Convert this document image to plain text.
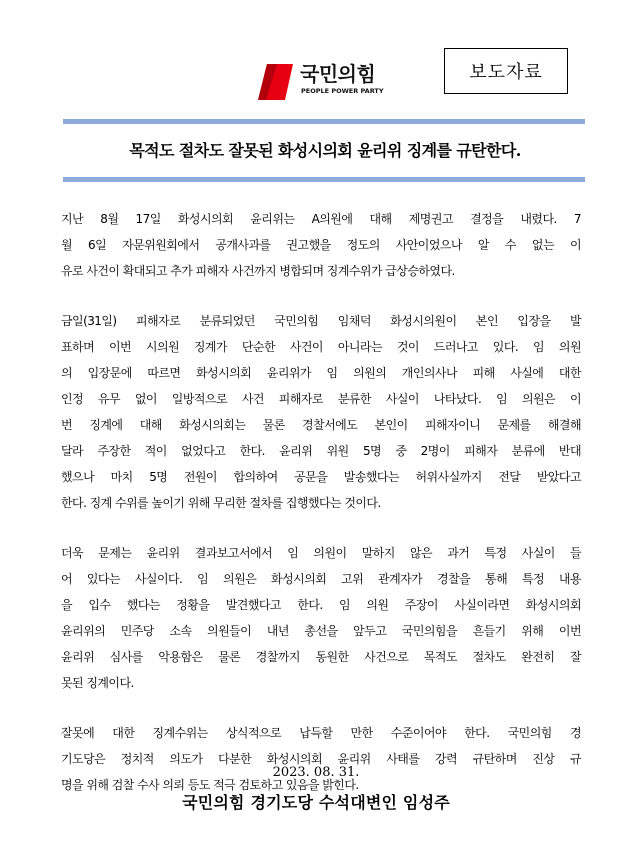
국민의힘
PEOPLE POWER PARTY
보도자료
목적도 절차도 잘못된 화성시의회 윤리위 징계를 규탄한다.
지난 8월 17일 화성시의회 윤리위는 A의원에 대해 제명권고 결정을 내렸다. 7
월 6일 자문위원회에서 공개사과를 권고했을 정도의 사안이었으나 알 수 없는 이
유로 사건이 확대되고 추가 피해자 사건까지 병합되며 징계수위가 급상승하였다.
금일(31일) 피해자로 분류되었던 국민의힘 임채덕 화성시의원이 본인 입장을 발
표하며 이번 시의원 징계가 단순한 사건이 아니라는 것이 드러나고 있다. 임 의원
의 입장문에 따르면 화성시의회 윤리위가 임 의원의 개인의사나 피해 사실에 대한
인정 유무 없이 일방적으로 사건 피해자로 분류한 사실이 나타났다. 임 의원은 이
번 징계에 대해 화성시의회는 물론 경찰서에도 본인이 피해자이니 문제를 해결해
달라 주장한 적이 없었다고 한다. 윤리위 위원 5명 중 2명이 피해자 분류에 반대
했으나 마치 5명 전원이 합의하여 공문을 발송했다는 허위사실까지 전달 받았다고
한다. 징계 수위를 높이기 위해 무리한 절차를 집행했다는 것이다.
더욱 문제는 윤리위 결과보고서에서 임 의원이 말하지 않은 과거 특정 사실이 들
어 있다는 사실이다. 임 의원은 화성시의회 고위 관계자가 경찰을 통해 특정 내용
을 입수 했다는 정황을 발견했다고 한다. 임 의원 주장이 사실이라면 화성시의회
윤리위의 민주당 소속 의원들이 내년 총선을 앞두고 국민의힘을 흔들기 위해 이번
윤리위 심사를 악용함은 물론 경찰까지 동원한 사건으로 목적도 절차도 완전히 잘
못된 징계이다.
잘못에 대한 징계수위는 상식적으로 납득할 만한 수준이어야 한다. 국민의힘 경
기도당은 정치적 의도가 다분한 화성시의회 윤리위 사태를 강력 규탄하며 진상 규
명을 위해 검찰 수사 의뢰 등도 적극 검토하고 있음을 밝힌다.
2023. 08. 31.
국민의힘 경기도당 수석대변인 임성주
